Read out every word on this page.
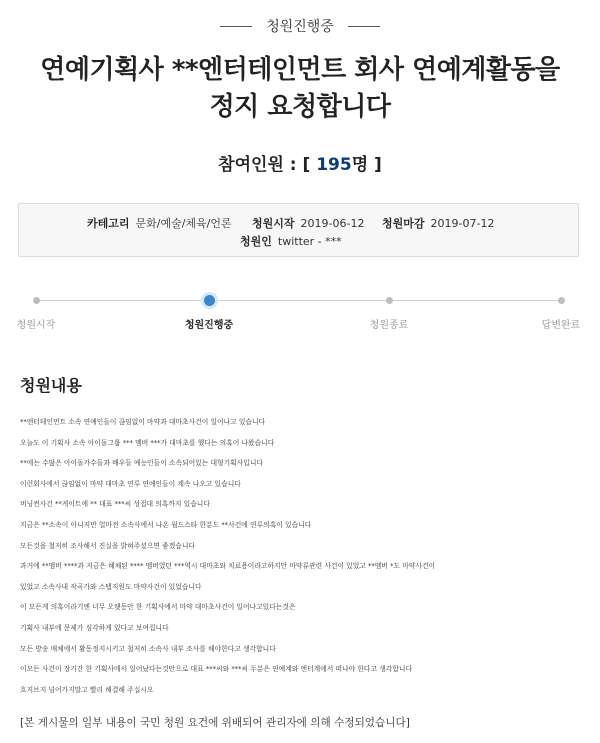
청원진행중
연예기획사 **엔터테인먼트 회사 연예계활동을
정지 요청합니다
참여인원 : [ 195명 ]
카테고리 문화/예술/체육/언론 청원시작 2019-06-12 청원마감 2019-07-12
청원인 twitter - ***
청원시작	청원진행중	청원종료	답변완료
청원내용
**엔터테인먼트 소속 연예인들이 끊임없이 마약과 대마초사건이 일어나고 있습니다
오늘도 이 기획사 소속 아이돌그룹 *** 멤버 ***가 대마초를 했다는 의혹이 나왔습니다
**에는 수많은 아이돌가수들과 배우들 예능인들이 소속되어있는 대형기획사입니다
이런회사에서 끊임없이 마약 대마초 연루 연예인들이 계속 나오고 있습니다
버닝썬사건 **게이트에 ** 대표 ***씨 성접대 의혹까지 있습니다
지금은 **소속이 아니지만 얼마전 소속사에서 나온 월드스타 한분도 **사건에 연루의혹이 있습니다
모든것을 철저히 조사해서 진실을 밝혀주셨으면 좋겠습니다
과거에 **멤버 ****과 지금은 해체된 **** 멤버였던 ***역시 대마초와 치료용이라고하지만 마약류관련 사건이 있었고 **멤버 *도 마약사건이
있었고 소속사내 작곡가와 스탭직원도 마약사건이 있었습니다
이 모든게 의혹이라기엔 너무 오랫동안 한 기획사에서 마약 대마초사건이 일어나고있다는것은
기획사 내부에 문제가 심각하게 있다고 보여집니다
모든 방송 매체에서 활동정지시키고 철저히 소속사 내부 조사를 해야한다고 생각합니다
이모든 사건이 장기간 한 기획사에서 일어났다는것만으로 대표 ***씨와 ***씨 두분은 연예계와 엔터계에서 떠나야 한다고 생각합니다
흐지브지 넘어가지말고 빨리 해결해 주십시오
[본 게시물의 일부 내용이 국민 청원 요건에 위배되어 관리자에 의해 수정되었습니다]
